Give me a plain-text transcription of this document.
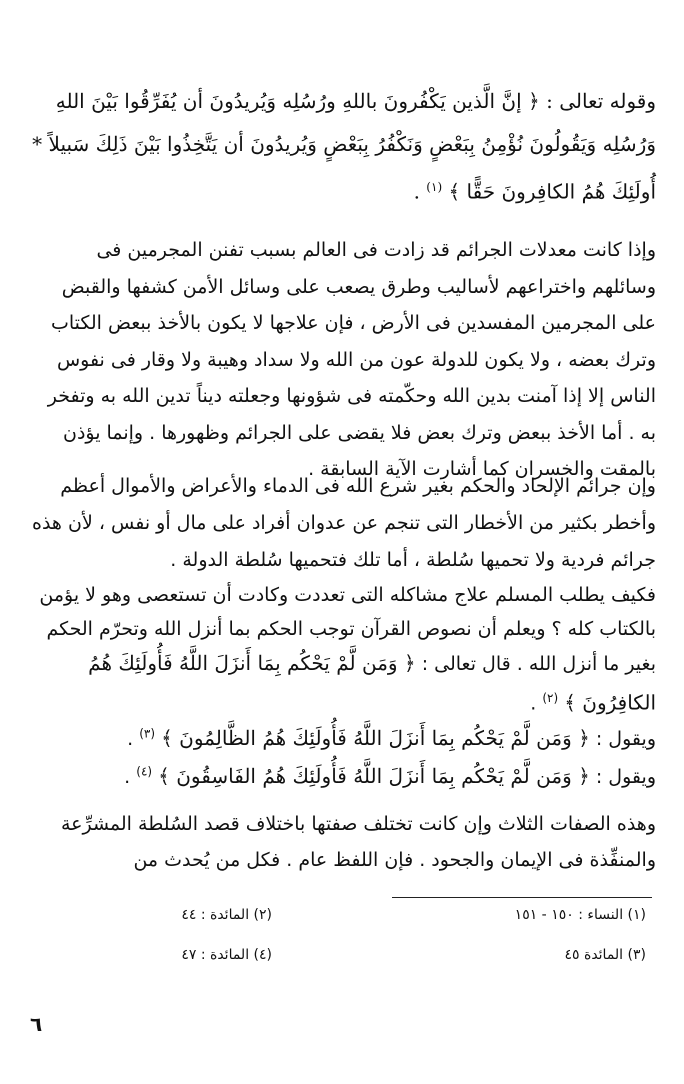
وقوله تعالى : ﴿ إنَّ الَّذين يَكْفُرونَ باللهِ ورُسُلِه وَيُريدُونَ أن يُفَرِّقُوا بَيْنَ اللهِ وَرُسُلِه وَيَقُولُونَ نُؤْمِنُ بِبَعْضٍ وَنَكْفُرُ بِبَعْضٍ وَيُريدُونَ أن يَتَّخِذُوا بَيْنَ ذَلِكَ سَبيلاً * أُولَئِكَ هُمُ الكافِرونَ حَقًّا ﴾ $^{(١)}$ .

وإذا كانت معدلات الجرائم قد زادت فى العالم بسبب تفنن المجرمين فى وسائلهم واختراعهم لأساليب وطرق يصعب على وسائل الأمن كشفها والقبض على المجرمين المفسدين فى الأرض ، فإن علاجها لا يكون بالأخذ ببعض الكتاب وترك بعضه ، ولا يكون للدولة عون من الله ولا سداد وهيبة ولا وقار فى نفوس الناس إلا إذا آمنت بدين الله وحكّمته فى شؤونها وجعلته ديناً تدين الله به وتفخر به . أما الأخذ ببعض وترك بعض فلا يقضى على الجرائم وظهورها . وإنما يؤذن بالمقت والخسران كما أشارت الآية السابقة .

وإن جرائم الإلحاد والحكم بغير شرع الله فى الدماء والأعراض والأموال أعظم وأخطر بكثير من الأخطار التى تنجم عن عدوان أفراد على مال أو نفس ، لأن هذه جرائم فردية ولا تحميها سُلطة ، أما تلك فتحميها سُلطة الدولة .

فكيف يطلب المسلم علاج مشاكله التى تعددت وكادت أن تستعصى وهو لا يؤمن بالكتاب كله ؟ ويعلم أن نصوص القرآن توجب الحكم بما أنزل الله وتحرّم الحكم بغير ما أنزل الله . قال تعالى : ﴿ وَمَن لَّمْ يَحْكُم بِمَا أَنزَلَ اللَّهُ فَأُولَئِكَ هُمُ الكافِرُونَ ﴾ $^{(٢)}$ .

ويقول : ﴿ وَمَن لَّمْ يَحْكُم بِمَا أَنزَلَ اللَّهُ فَأُولَئِكَ هُمُ الظَّالِمُونَ ﴾ $^{(٣)}$ .
ويقول : ﴿ وَمَن لَّمْ يَحْكُم بِمَا أَنزَلَ اللَّهُ فَأُولَئِكَ هُمُ الفَاسِقُونَ ﴾ $^{(٤)}$ .

وهذه الصفات الثلاث وإن كانت تختلف صفتها باختلاف قصد السُلطة المشرِّعة والمنفِّذة فى الإيمان والجحود . فإن اللفظ عام . فكل من يُحدث من

(١) النساء : ١٥٠ - ١٥١
(٢) المائدة : ٤٤
(٣) المائدة ٤٥
(٤) المائدة : ٤٧
٦
